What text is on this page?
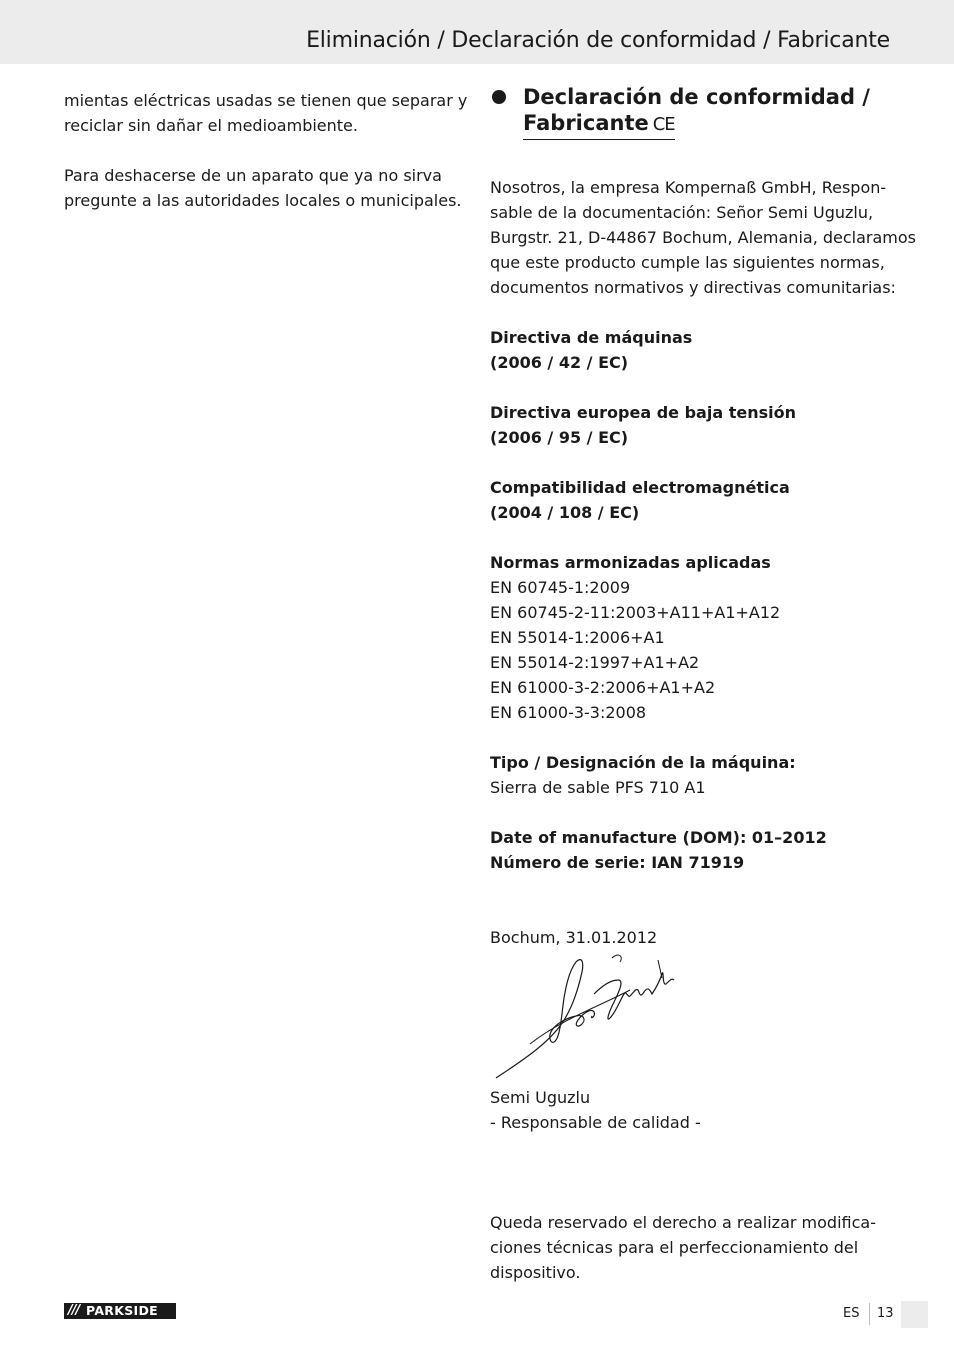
Eliminación / Declaración de conformidad / Fabricante

mientas eléctricas usadas se tienen que separar y
reciclar sin dañar el medioambiente.

Para deshacerse de un aparato que ya no sirva
pregunte a las autoridades locales o municipales.

Declaración de conformidad /
Fabricante CE
Nosotros, la empresa Kompernaß GmbH, Respon-
sable de la documentación: Señor Semi Uguzlu,
Burgstr. 21, D-44867 Bochum, Alemania, declaramos
que este producto cumple las siguientes normas,
documentos normativos y directivas comunitarias:
Directiva de máquinas
(2006 / 42 / EC)
Directiva europea de baja tensión
(2006 / 95 / EC)
Compatibilidad electromagnética
(2004 / 108 / EC)
Normas armonizadas aplicadas
EN 60745-1:2009
EN 60745-2-11:2003+A11+A1+A12
EN 55014-1:2006+A1
EN 55014-2:1997+A1+A2
EN 61000-3-2:2006+A1+A2
EN 61000-3-3:2008
Tipo / Designación de la máquina:
Sierra de sable PFS 710 A1
Date of manufacture (DOM): 01–2012
Número de serie: IAN 71919
Bochum, 31.01.2012
Semi Uguzlu
- Responsable de calidad -
Queda reservado el derecho a realizar modifica-
ciones técnicas para el perfeccionamiento del
dispositivo.
/// PARKSIDE	ES 13
